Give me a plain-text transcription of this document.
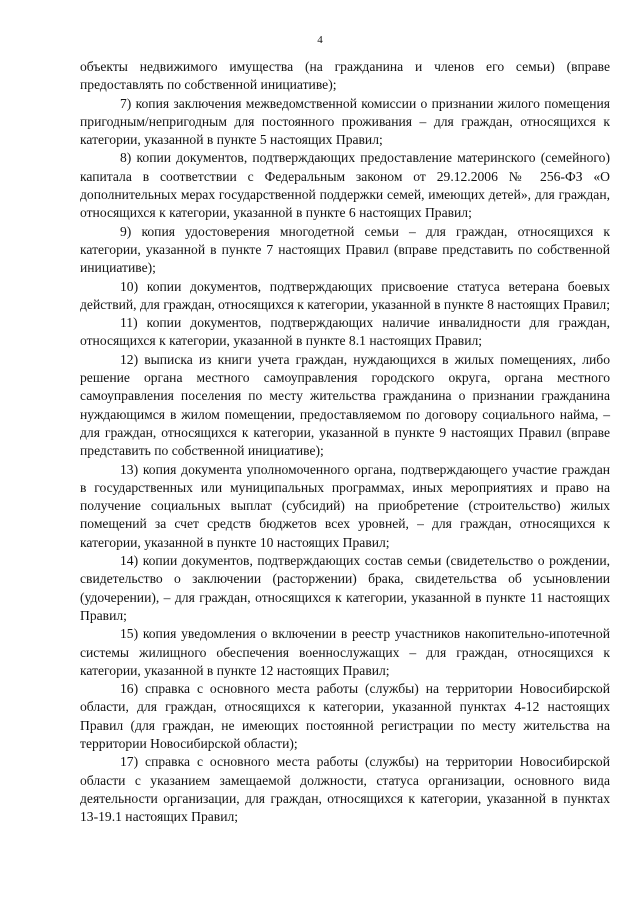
4

объекты недвижимого имущества (на гражданина и членов его семьи) (вправе предоставлять по собственной инициативе);

7) копия заключения межведомственной комиссии о признании жилого помещения пригодным/непригодным для постоянного проживания – для граждан, относящихся к категории, указанной в пункте 5 настоящих Правил;

8) копии документов, подтверждающих предоставление материнского (семейного) капитала в соответствии с Федеральным законом от 29.12.2006 № 256-ФЗ «О дополнительных мерах государственной поддержки семей, имеющих детей», для граждан, относящихся к категории, указанной в пункте 6 настоящих Правил;

9) копия удостоверения многодетной семьи – для граждан, относящихся к категории, указанной в пункте 7 настоящих Правил (вправе представить по собственной инициативе);

10) копии документов, подтверждающих присвоение статуса ветерана боевых действий, для граждан, относящихся к категории, указанной в пункте 8 настоящих Правил;

11) копии документов, подтверждающих наличие инвалидности для граждан, относящихся к категории, указанной в пункте 8.1 настоящих Правил;

12) выписка из книги учета граждан, нуждающихся в жилых помещениях, либо решение органа местного самоуправления городского округа, органа местного самоуправления поселения по месту жительства гражданина о признании гражданина нуждающимся в жилом помещении, предоставляемом по договору социального найма, – для граждан, относящихся к категории, указанной в пункте 9 настоящих Правил (вправе представить по собственной инициативе);

13) копия документа уполномоченного органа, подтверждающего участие граждан в государственных или муниципальных программах, иных мероприятиях и право на получение социальных выплат (субсидий) на приобретение (строительство) жилых помещений за счет средств бюджетов всех уровней, – для граждан, относящихся к категории, указанной в пункте 10 настоящих Правил;

14) копии документов, подтверждающих состав семьи (свидетельство о рождении, свидетельство о заключении (расторжении) брака, свидетельства об усыновлении (удочерении), – для граждан, относящихся к категории, указанной в пункте 11 настоящих Правил;

15) копия уведомления о включении в реестр участников накопительно-ипотечной системы жилищного обеспечения военнослужащих – для граждан, относящихся к категории, указанной в пункте 12 настоящих Правил;

16) справка с основного места работы (службы) на территории Новосибирской области, для граждан, относящихся к категории, указанной пунктах 4-12 настоящих Правил (для граждан, не имеющих постоянной регистрации по месту жительства на территории Новосибирской области);

17) справка с основного места работы (службы) на территории Новосибирской области с указанием замещаемой должности, статуса организации, основного вида деятельности организации, для граждан, относящихся к категории, указанной в пунктах 13-19.1 настоящих Правил;
